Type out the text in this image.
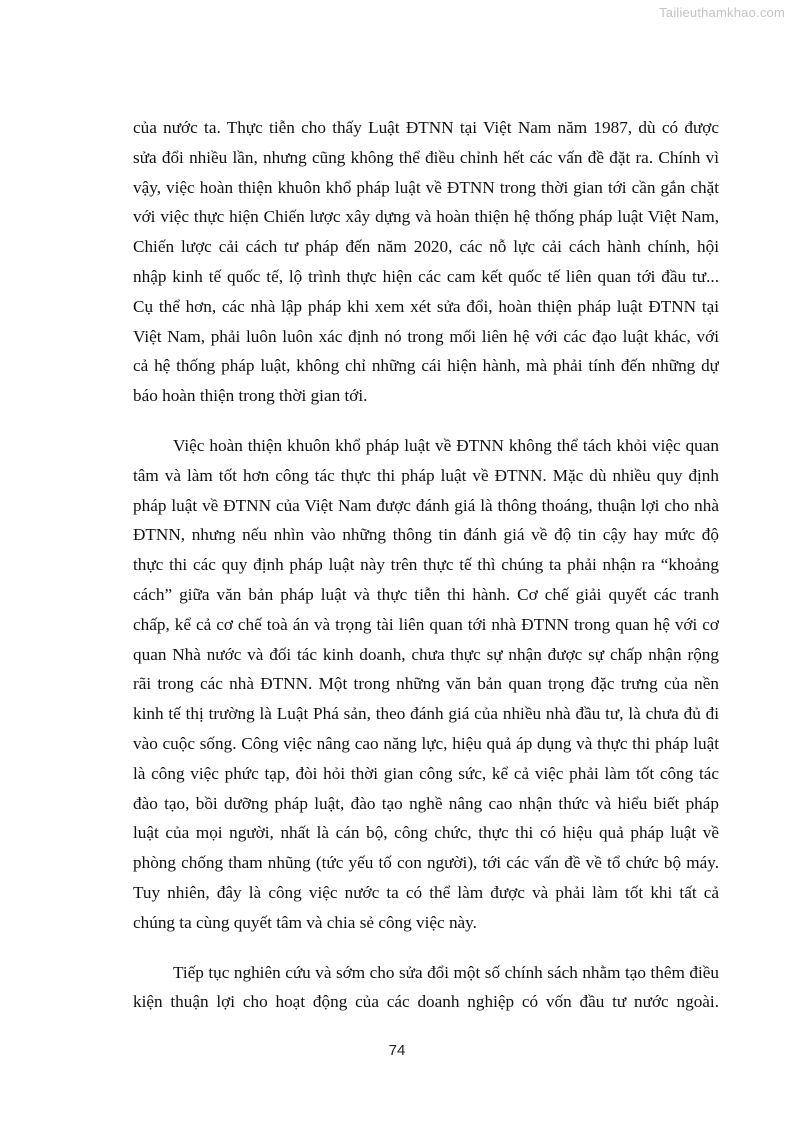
Tailieuthamkhao.com

của nước ta. Thực tiễn cho thấy Luật ĐTNN tại Việt Nam năm 1987, dù có được
sửa đổi nhiều lần, nhưng cũng không thể điều chỉnh hết các vấn đề đặt ra. Chính vì
vậy, việc hoàn thiện khuôn khổ pháp luật về ĐTNN trong thời gian tới cần gắn chặt
với việc thực hiện Chiến lược xây dựng và hoàn thiện hệ thống pháp luật Việt Nam,
Chiến lược cải cách tư pháp đến năm 2020, các nỗ lực cải cách hành chính, hội
nhập kinh tế quốc tế, lộ trình thực hiện các cam kết quốc tế liên quan tới đầu tư...
Cụ thể hơn, các nhà lập pháp khi xem xét sửa đổi, hoàn thiện pháp luật ĐTNN tại
Việt Nam, phải luôn luôn xác định nó trong mối liên hệ với các đạo luật khác, với
cả hệ thống pháp luật, không chỉ những cái hiện hành, mà phải tính đến những dự
báo hoàn thiện trong thời gian tới.

Việc hoàn thiện khuôn khổ pháp luật về ĐTNN không thể tách khỏi việc quan
tâm và làm tốt hơn công tác thực thi pháp luật về ĐTNN. Mặc dù nhiều quy định
pháp luật về ĐTNN của Việt Nam được đánh giá là thông thoáng, thuận lợi cho nhà
ĐTNN, nhưng nếu nhìn vào những thông tin đánh giá về độ tin cậy hay mức độ
thực thi các quy định pháp luật này trên thực tế thì chúng ta phải nhận ra “khoảng
cách” giữa văn bản pháp luật và thực tiễn thi hành. Cơ chế giải quyết các tranh
chấp, kể cả cơ chế toà án và trọng tài liên quan tới nhà ĐTNN trong quan hệ với cơ
quan Nhà nước và đối tác kinh doanh, chưa thực sự nhận được sự chấp nhận rộng
rãi trong các nhà ĐTNN. Một trong những văn bản quan trọng đặc trưng của nền
kinh tế thị trường là Luật Phá sản, theo đánh giá của nhiều nhà đầu tư, là chưa đủ đi
vào cuộc sống. Công việc nâng cao năng lực, hiệu quả áp dụng và thực thi pháp luật
là công việc phức tạp, đòi hỏi thời gian công sức, kể cả việc phải làm tốt công tác
đào tạo, bồi dưỡng pháp luật, đào tạo nghề nâng cao nhận thức và hiểu biết pháp
luật của mọi người, nhất là cán bộ, công chức, thực thi có hiệu quả pháp luật về
phòng chống tham nhũng (tức yếu tố con người), tới các vấn đề về tổ chức bộ máy.
Tuy nhiên, đây là công việc nước ta có thể làm được và phải làm tốt khi tất cả
chúng ta cùng quyết tâm và chia sẻ công việc này.

Tiếp tục nghiên cứu và sớm cho sửa đổi một số chính sách nhằm tạo thêm điều
kiện thuận lợi cho hoạt động của các doanh nghiệp có vốn đầu tư nước ngoài.

74
